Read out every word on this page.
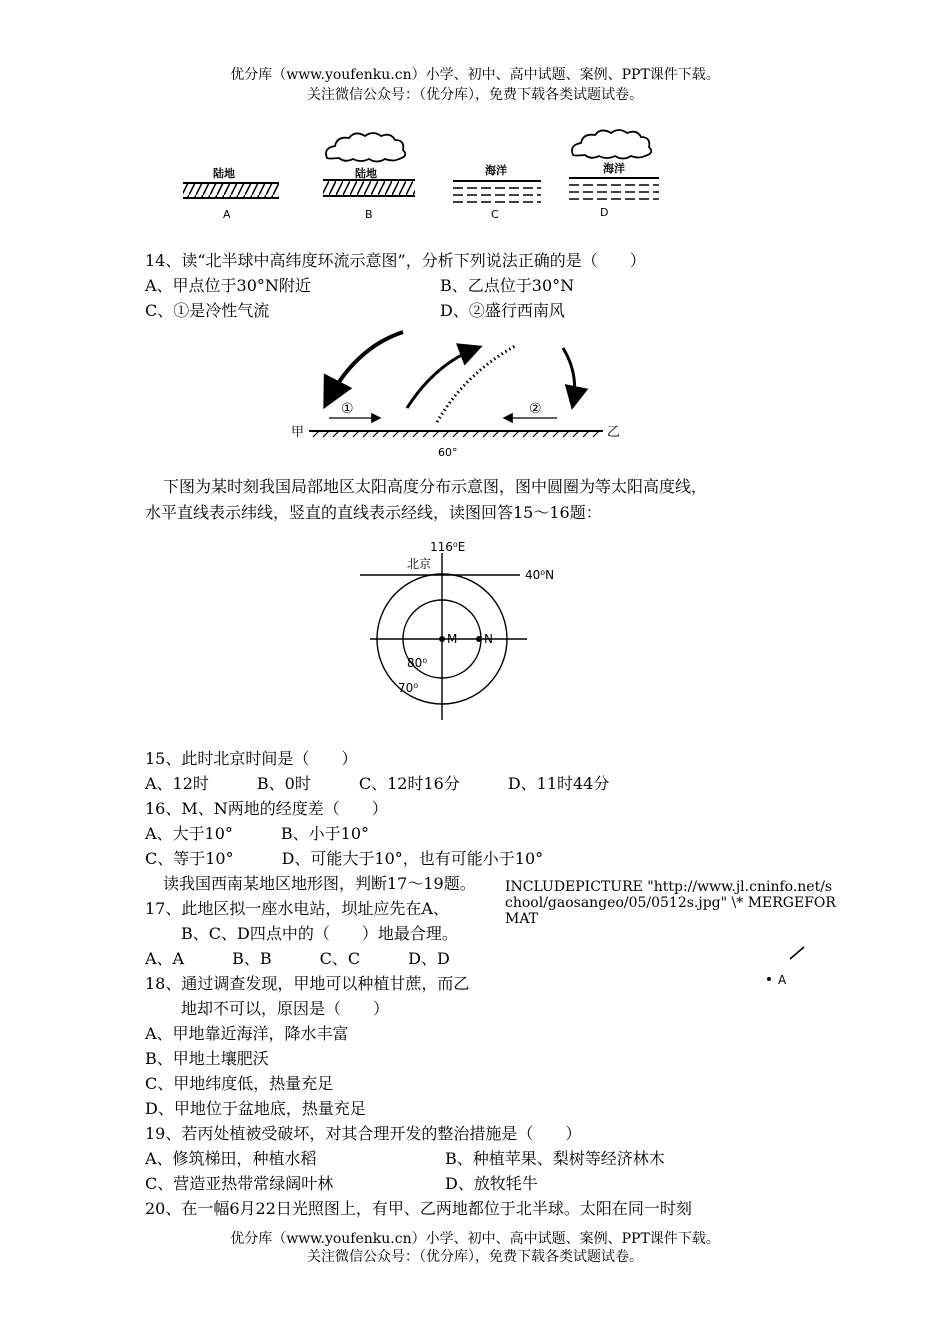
优分库（www.youfenku.cn）小学、初中、高中试题、案例、PPT课件下载。
关注微信公众号：（优分库），免费下载各类试题试卷。
陆地
A
陆地
B
海洋
C
海洋
D
14、读“北半球中高纬度环流示意图”，分析下列说法正确的是（　　）
A、甲点位于30°N附近	B、乙点位于30°N
C、①是冷性气流	D、②盛行西南风
甲	乙
60°
①	②
下图为某时刻我国局部地区太阳高度分布示意图，图中圆圈为等太阳高度线，
水平直线表示纬线，竖直的直线表示经线，读图回答15～16题：
116⁰E
北京
40⁰N
M N
80⁰
70⁰
15、此时北京时间是（　　）
A、12时　　　B、0时　　　C、12时16分　　　D、11时44分
16、M、N两地的经度差（　　）
A、大于10°　　　B、小于10°
C、等于10°　　　D、可能大于10°，也有可能小于10°
读我国西南某地区地形图，判断17～19题。 INCLUDEPICTURE "http://www.jl.cninfo.net/s
chool/gaosangeo/05/0512s.jpg" \* MERGEFOR
MAT
17、此地区拟一座水电站，坝址应先在A、
B、C、D四点中的（　　）地最合理。
A、A　　　B、B　　　C、C　　　D、D
A
18、通过调查发现，甲地可以种植甘蔗，而乙
地却不可以，原因是（　　）
A、甲地靠近海洋，降水丰富
B、甲地土壤肥沃
C、甲地纬度低，热量充足
D、甲地位于盆地底，热量充足
19、若丙处植被受破坏，对其合理开发的整治措施是（　　）
A、修筑梯田，种植水稻	B、种植苹果、梨树等经济林木
C、营造亚热带常绿阔叶林	D、放牧牦牛
20、在一幅6月22日光照图上，有甲、乙两地都位于北半球。太阳在同一时刻
优分库（www.youfenku.cn）小学、初中、高中试题、案例、PPT课件下载。
关注微信公众号：（优分库），免费下载各类试题试卷。
